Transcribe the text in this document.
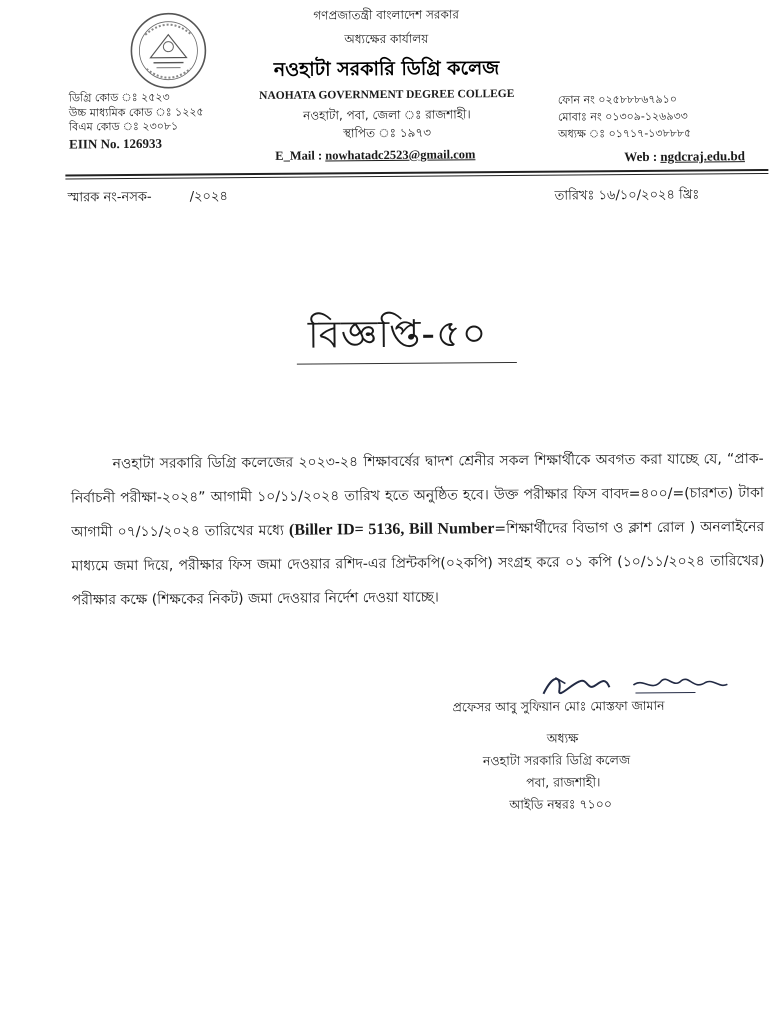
গণপ্রজাতন্ত্রী বাংলাদেশ সরকার
অধ্যক্ষের কার্যালয়
নওহাটা সরকারি ডিগ্রি কলেজ
NAOHATA GOVERNMENT DEGREE COLLEGE
নওহাটা, পবা, জেলা ঃ রাজশাহী।
স্থাপিত ঃ ১৯৭৩
E_Mail : nowhatadc2523@gmail.com
ডিগ্রি কোড ঃ ২৫২৩
উচ্চ মাধ্যমিক কোড ঃ ১২২৫
বিএম কোড ঃ ২৩০৮১
EIIN No. 126933
ফোন নং ০২৫৮৮৮৬৭৯১০
মোবাঃ নং ০১৩০৯-১২৬৯৩৩
অধ্যক্ষ ঃ ০১৭১৭-১৩৮৮৮৫
Web : ngdcraj.edu.bd
স্মারক নং-নসক-	/২০২৪	তারিখঃ ১৬/১০/২০২৪ খ্রিঃ
বিজ্ঞপ্তি-৫০
নওহাটা সরকারি ডিগ্রি কলেজের ২০২৩-২৪ শিক্ষাবর্ষের দ্বাদশ শ্রেনীর সকল শিক্ষার্থীকে অবগত করা যাচ্ছে যে, “প্রাক-নির্বাচনী পরীক্ষা-২০২৪” আগামী ১০/১১/২০২৪ তারিখ হতে অনুষ্ঠিত হবে। উক্ত পরীক্ষার ফিস বাবদ=৪০০/=(চারশত) টাকা আগামী ০৭/১১/২০২৪ তারিখের মধ্যে (Biller ID= 5136, Bill Number=শিক্ষার্থীদের বিভাগ ও ক্লাশ রোল ) অনলাইনের মাধ্যমে জমা দিয়ে, পরীক্ষার ফিস জমা দেওয়ার রশিদ-এর প্রিন্টকপি(০২কপি) সংগ্রহ করে ০১ কপি (১০/১১/২০২৪ তারিখের) পরীক্ষার কক্ষে (শিক্ষকের নিকট) জমা দেওয়ার নির্দেশ দেওয়া যাচ্ছে।
প্রফেসর আবু সুফিয়ান মোঃ মোস্তফা জামান
অধ্যক্ষ
নওহাটা সরকারি ডিগ্রি কলেজ
পবা, রাজশাহী।
আইডি নম্বরঃ ৭১০০
